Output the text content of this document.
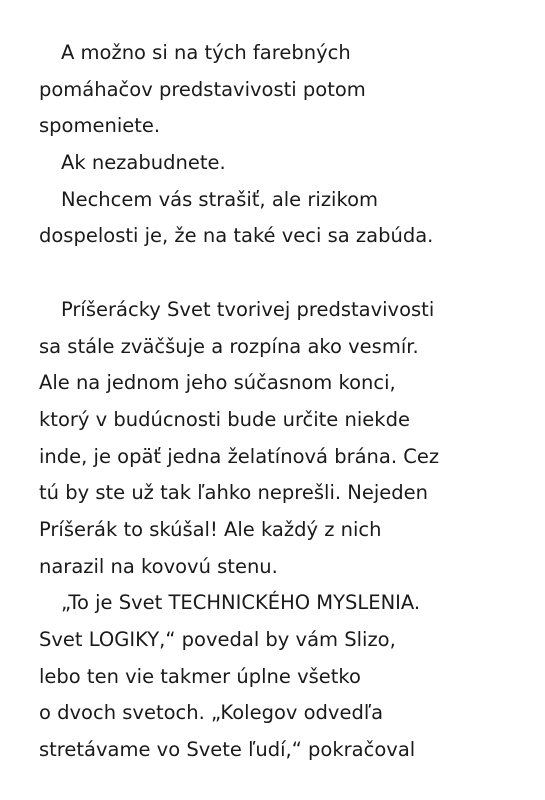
A možno si na tých farebných
pomáhačov predstavivosti potom
spomeniete.
Ak nezabudnete.
Nechcem vás strašiť, ale rizikom
dospelosti je, že na také veci sa zabúda.
Príšerácky Svet tvorivej predstavivosti
sa stále zväčšuje a rozpína ako vesmír.
Ale na jednom jeho súčasnom konci,
ktorý v budúcnosti bude určite niekde
inde, je opäť jedna želatínová brána. Cez
tú by ste už tak ľahko neprešli. Nejeden
Príšerák to skúšal! Ale každý z nich
narazil na kovovú stenu.
„To je Svet TECHNICKÉHO MYSLENIA.
Svet LOGIKY,“ povedal by vám Slizo,
lebo ten vie takmer úplne všetko
o dvoch svetoch. „Kolegov odvedľa
stretávame vo Svete ľudí,“ pokračoval
